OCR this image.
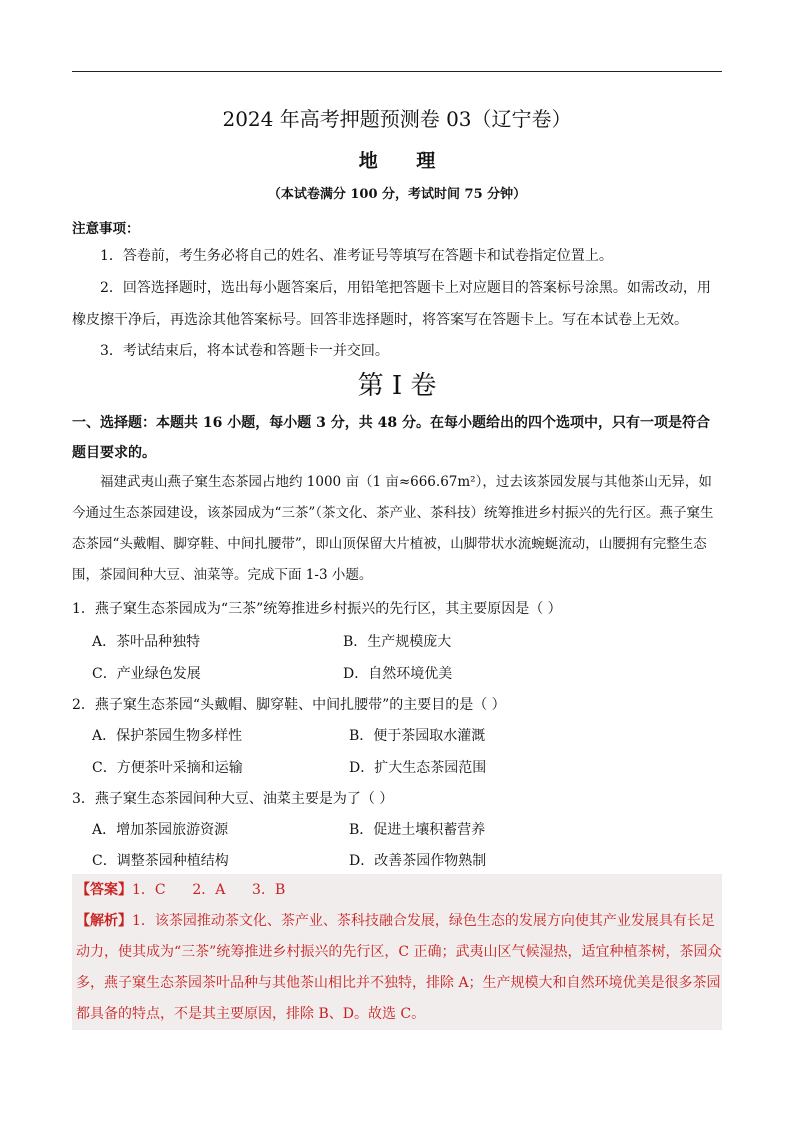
2024 年高考押题预测卷 03（辽宁卷）
地 理
（本试卷满分 100 分，考试时间 75 分钟）
注意事项：
1．答卷前，考生务必将自己的姓名、准考证号等填写在答题卡和试卷指定位置上。
2．回答选择题时，选出每小题答案后，用铅笔把答题卡上对应题目的答案标号涂黑。如需改动，用橡皮擦干净后，再选涂其他答案标号。回答非选择题时，将答案写在答题卡上。写在本试卷上无效。
3．考试结束后，将本试卷和答题卡一并交回。
第 I 卷
一、选择题：本题共 16 小题，每小题 3 分，共 48 分。在每小题给出的四个选项中，只有一项是符合题目要求的。
福建武夷山燕子窠生态茶园占地约 1000 亩（1 亩≈666.67m²），过去该茶园发展与其他茶山无异，如今通过生态茶园建设，该茶园成为“三茶”（茶文化、茶产业、茶科技）统筹推进乡村振兴的先行区。燕子窠生态茶园“头戴帽、脚穿鞋、中间扎腰带”，即山顶保留大片植被，山脚带状水流蜿蜒流动，山腰拥有完整生态围，茶园间种大豆、油菜等。完成下面 1-3 小题。
1．燕子窠生态茶园成为“三茶”统筹推进乡村振兴的先行区，其主要原因是（ ）
A．茶叶品种独特	B．生产规模庞大
C．产业绿色发展	D．自然环境优美
2．燕子窠生态茶园“头戴帽、脚穿鞋、中间扎腰带”的主要目的是（ ）
A．保护茶园生物多样性	B．便于茶园取水灌溉
C．方便茶叶采摘和运输	D．扩大生态茶园范围
3．燕子窠生态茶园间种大豆、油菜主要是为了（ ）
A．增加茶园旅游资源	B．促进土壤积蓄营养
C．调整茶园种植结构	D．改善茶园作物熟制
【答案】1．C      2．A      3．B
【解析】1．该茶园推动茶文化、茶产业、茶科技融合发展，绿色生态的发展方向使其产业发展具有长足动力，使其成为“三茶”统筹推进乡村振兴的先行区，C 正确；武夷山区气候湿热，适宜种植茶树，茶园众多，燕子窠生态茶园茶叶品种与其他茶山相比并不独特，排除 A；生产规模大和自然环境优美是很多茶园都具备的特点，不是其主要原因，排除 B、D。故选 C。
